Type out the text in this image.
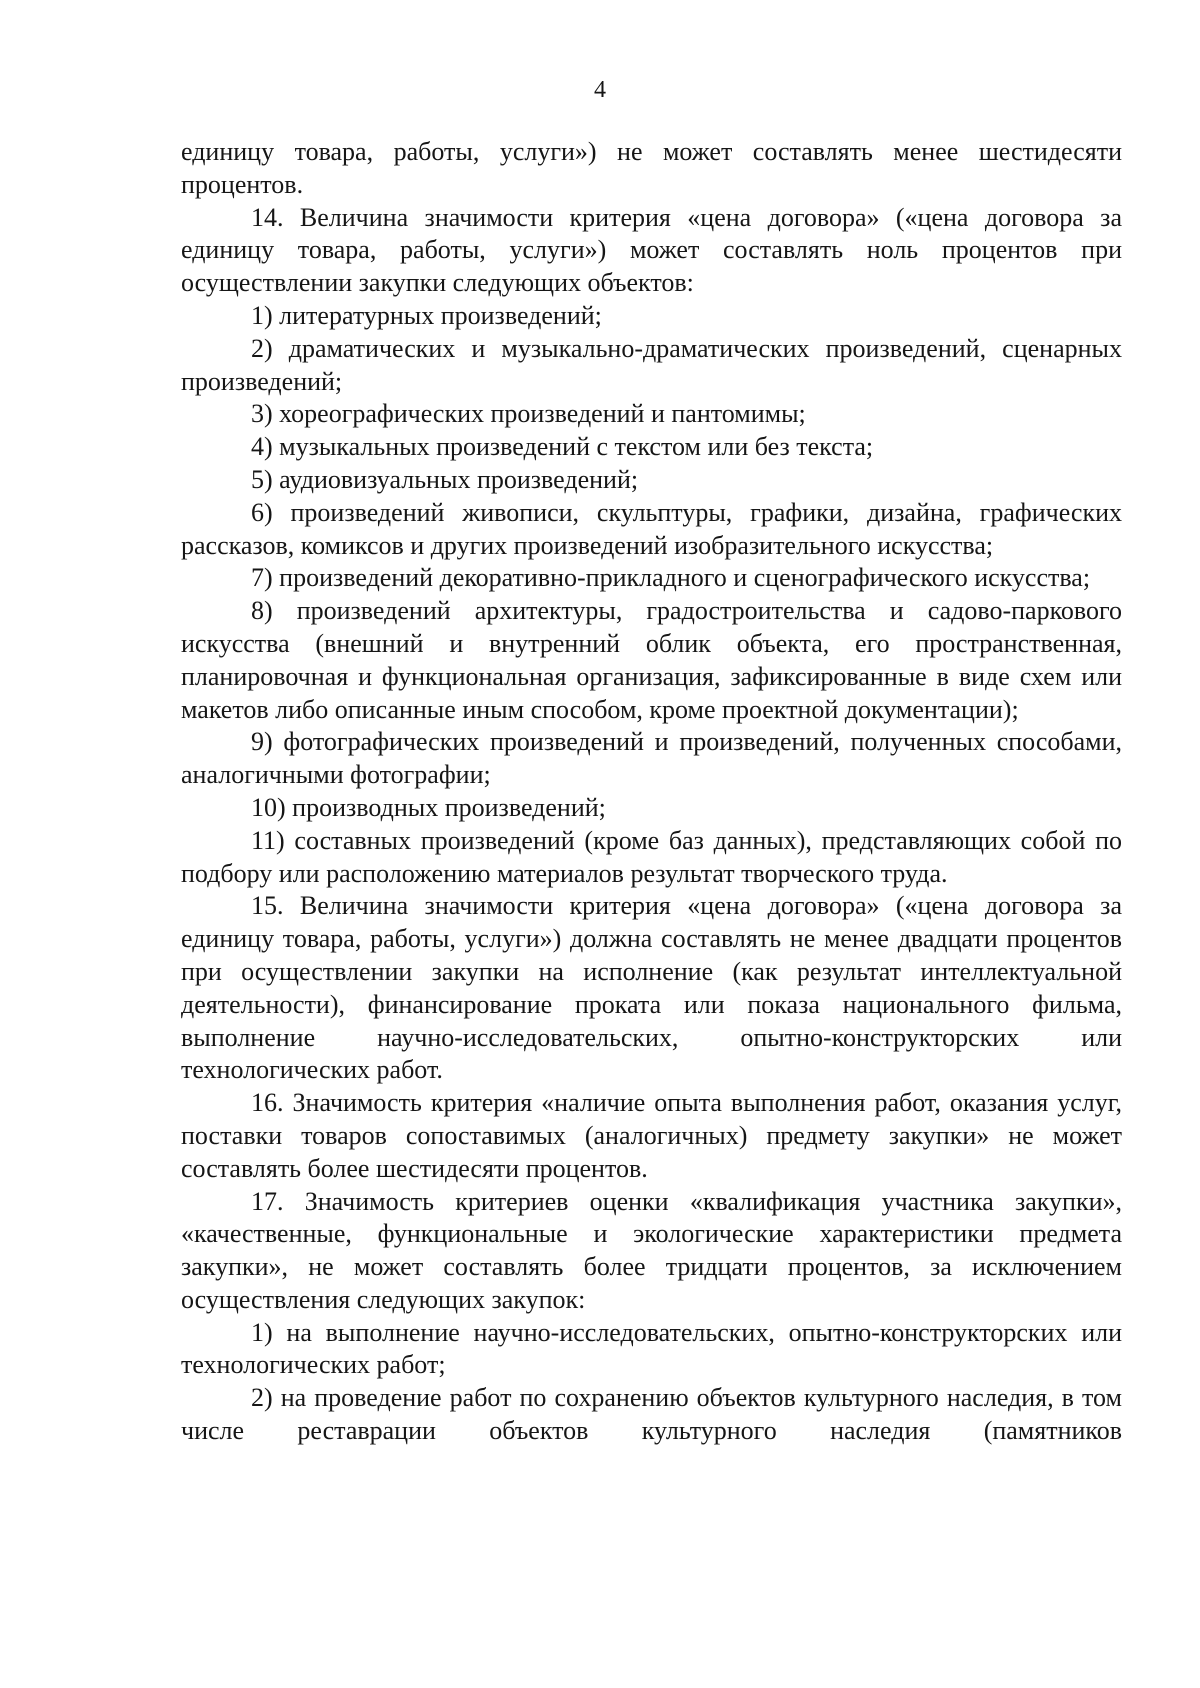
4

единицу товара, работы, услуги») не может составлять менее шестидесяти процентов.

14. Величина значимости критерия «цена договора» («цена договора за единицу товара, работы, услуги») может составлять ноль процентов при осуществлении закупки следующих объектов:

1) литературных произведений;

2) драматических и музыкально-драматических произведений, сценарных произведений;

3) хореографических произведений и пантомимы;

4) музыкальных произведений с текстом или без текста;

5) аудиовизуальных произведений;

6) произведений живописи, скульптуры, графики, дизайна, графических рассказов, комиксов и других произведений изобразительного искусства;

7) произведений декоративно-прикладного и сценографического искусства;

8) произведений архитектуры, градостроительства и садово-паркового искусства (внешний и внутренний облик объекта, его пространственная, планировочная и функциональная организация, зафиксированные в виде схем или макетов либо описанные иным способом, кроме проектной документации);

9) фотографических произведений и произведений, полученных способами, аналогичными фотографии;

10) производных произведений;

11) составных произведений (кроме баз данных), представляющих собой по подбору или расположению материалов результат творческого труда.

15. Величина значимости критерия «цена договора» («цена договора за единицу товара, работы, услуги») должна составлять не менее двадцати процентов при осуществлении закупки на исполнение (как результат интеллектуальной деятельности), финансирование проката или показа национального фильма, выполнение научно-исследовательских, опытно-конструкторских или технологических работ.

16. Значимость критерия «наличие опыта выполнения работ, оказания услуг, поставки товаров сопоставимых (аналогичных) предмету закупки» не может составлять более шестидесяти процентов.

17. Значимость критериев оценки «квалификация участника закупки», «качественные, функциональные и экологические характеристики предмета закупки», не может составлять более тридцати процентов, за исключением осуществления следующих закупок:

1) на выполнение научно-исследовательских, опытно-конструкторских или технологических работ;

2) на проведение работ по сохранению объектов культурного наследия, в том числе реставрации объектов культурного наследия (памятников
